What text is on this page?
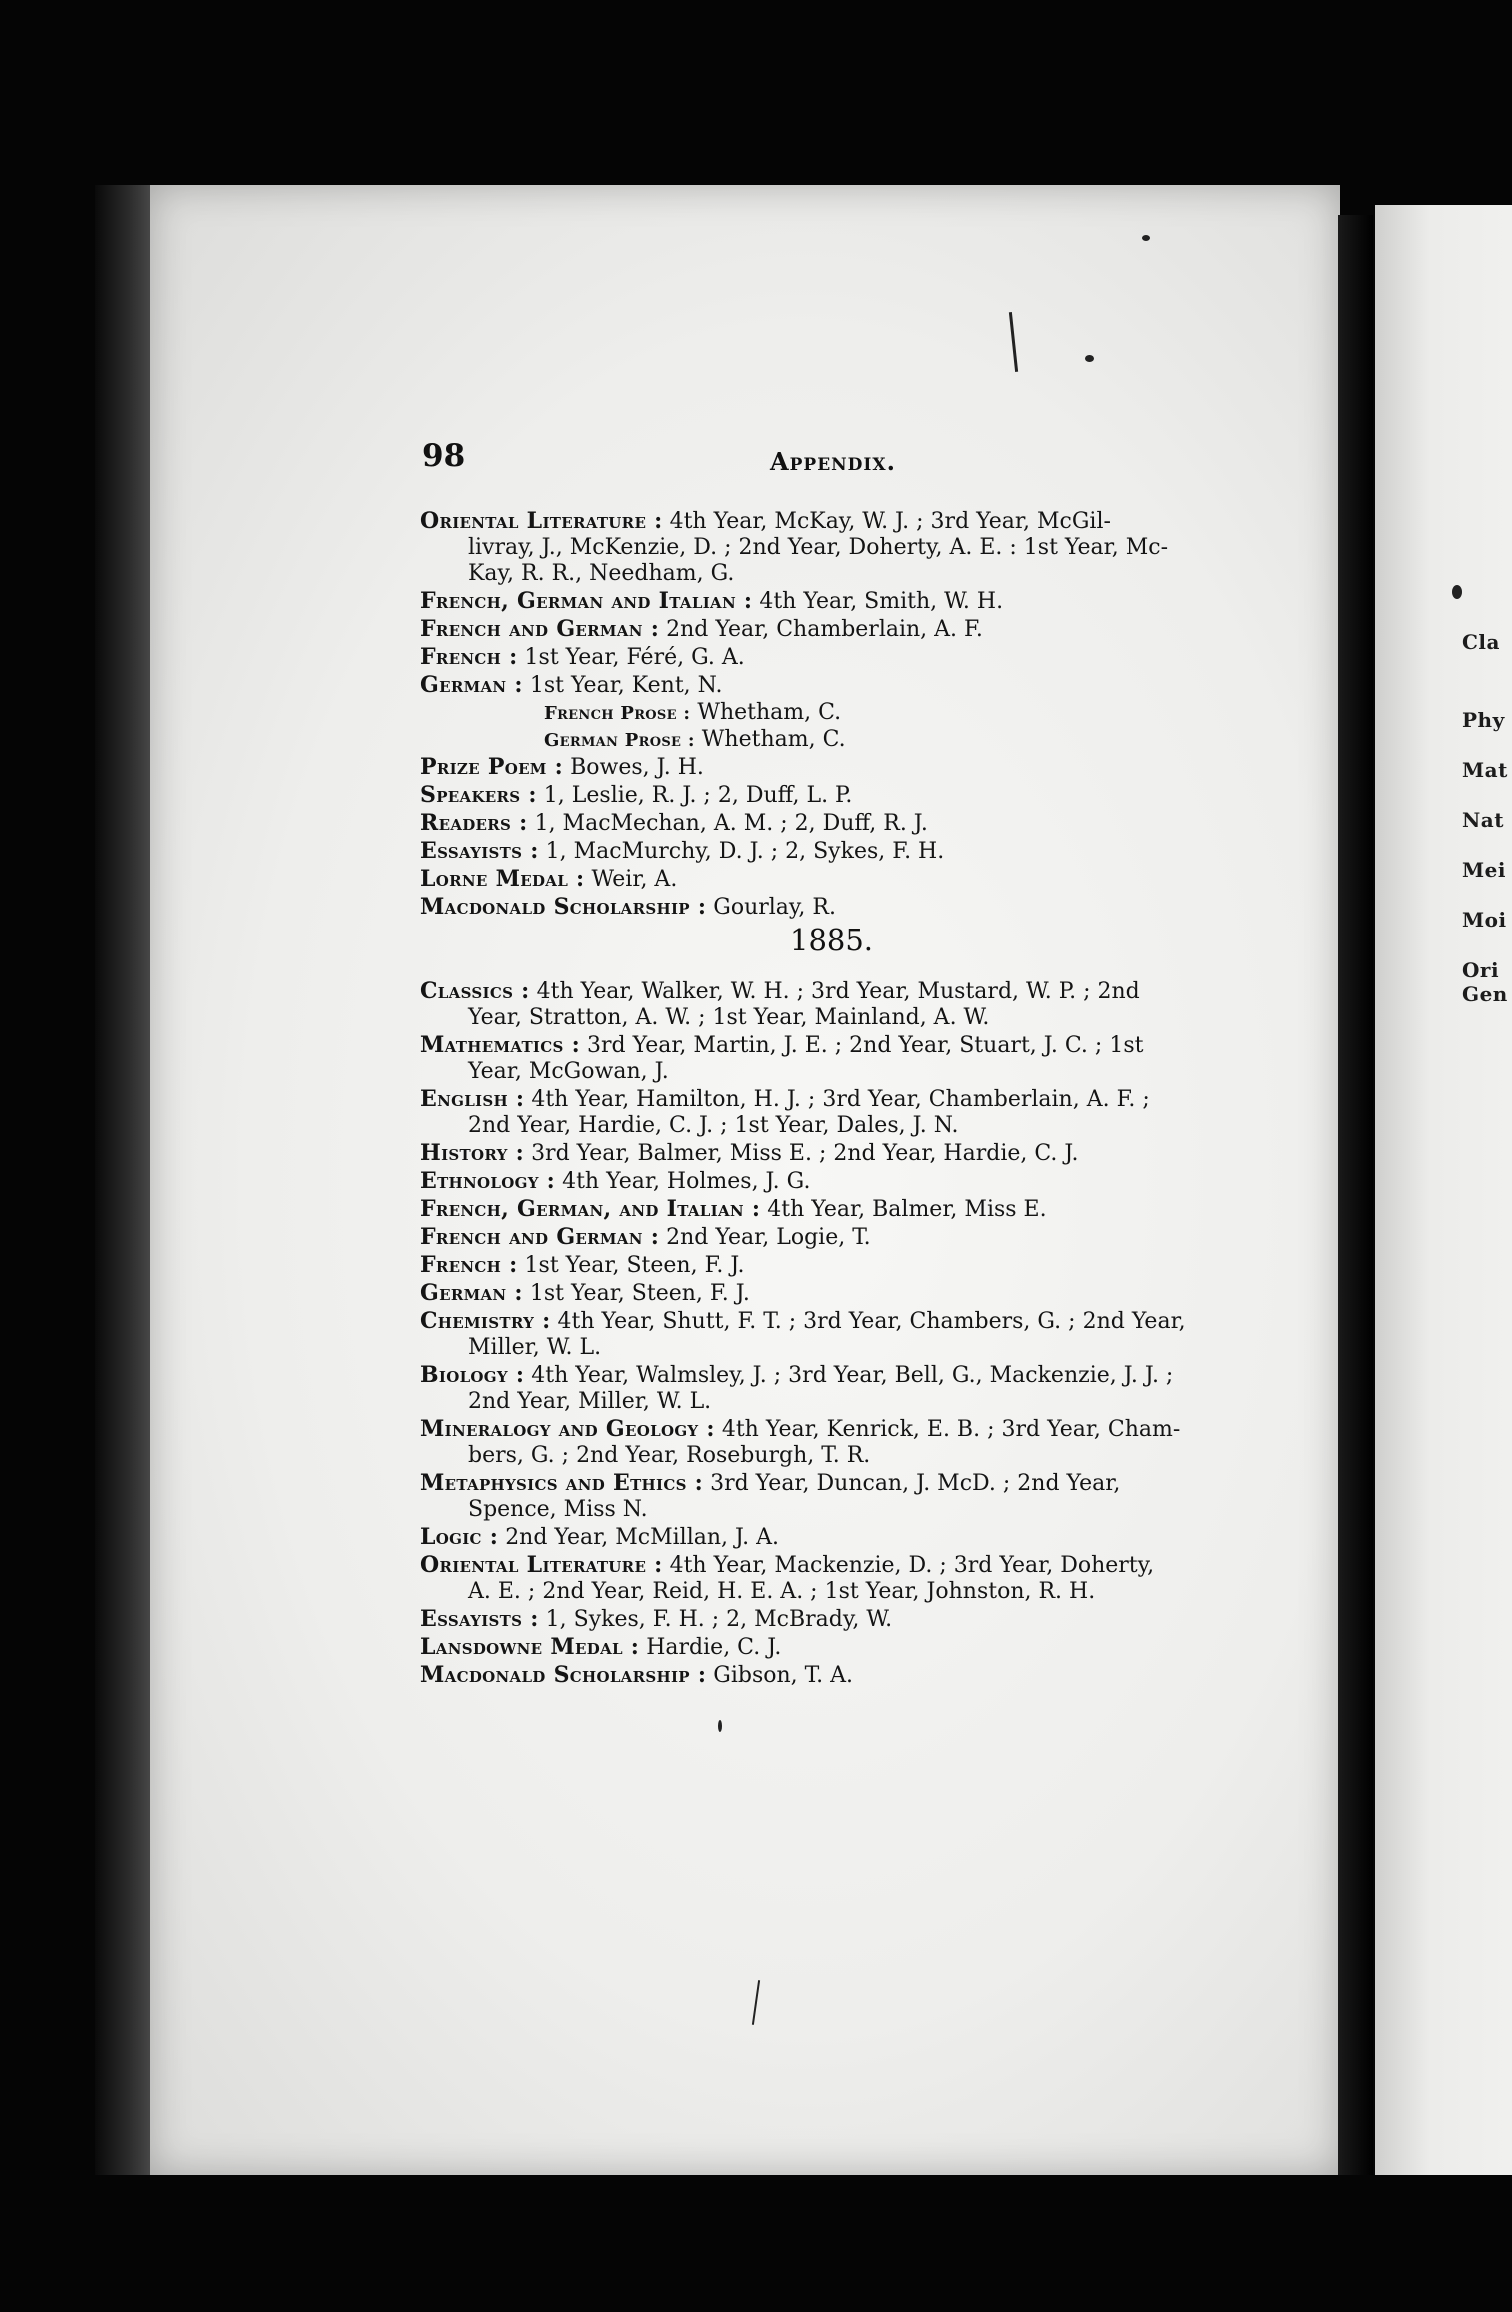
Cla
Phy
Mat
Nat
Mei
Moi
Ori
Gen
98	Appendix.
Oriental Literature : 4th Year, McKay, W. J. ; 3rd Year, McGil-
livray, J., McKenzie, D. ; 2nd Year, Doherty, A. E. : 1st Year, Mc-
Kay, R. R., Needham, G.
French, German and Italian : 4th Year, Smith, W. H.
French and German : 2nd Year, Chamberlain, A. F.
French : 1st Year, Féré, G. A.
German : 1st Year, Kent, N.
French Prose : Whetham, C.
German Prose : Whetham, C.
Prize Poem : Bowes, J. H.
Speakers : 1, Leslie, R. J. ; 2, Duff, L. P.
Readers : 1, MacMechan, A. M. ; 2, Duff, R. J.
Essayists : 1, MacMurchy, D. J. ; 2, Sykes, F. H.
Lorne Medal : Weir, A.
Macdonald Scholarship : Gourlay, R.
1885.
Classics : 4th Year, Walker, W. H. ; 3rd Year, Mustard, W. P. ; 2nd
Year, Stratton, A. W. ; 1st Year, Mainland, A. W.
Mathematics : 3rd Year, Martin, J. E. ; 2nd Year, Stuart, J. C. ; 1st
Year, McGowan, J.
English : 4th Year, Hamilton, H. J. ; 3rd Year, Chamberlain, A. F. ;
2nd Year, Hardie, C. J. ; 1st Year, Dales, J. N.
History : 3rd Year, Balmer, Miss E. ; 2nd Year, Hardie, C. J.
Ethnology : 4th Year, Holmes, J. G.
French, German, and Italian : 4th Year, Balmer, Miss E.
French and German : 2nd Year, Logie, T.
French : 1st Year, Steen, F. J.
German : 1st Year, Steen, F. J.
Chemistry : 4th Year, Shutt, F. T. ; 3rd Year, Chambers, G. ; 2nd Year,
Miller, W. L.
Biology : 4th Year, Walmsley, J. ; 3rd Year, Bell, G., Mackenzie, J. J. ;
2nd Year, Miller, W. L.
Mineralogy and Geology : 4th Year, Kenrick, E. B. ; 3rd Year, Cham-
bers, G. ; 2nd Year, Roseburgh, T. R.
Metaphysics and Ethics : 3rd Year, Duncan, J. McD. ; 2nd Year,
Spence, Miss N.
Logic : 2nd Year, McMillan, J. A.
Oriental Literature : 4th Year, Mackenzie, D. ; 3rd Year, Doherty,
A. E. ; 2nd Year, Reid, H. E. A. ; 1st Year, Johnston, R. H.
Essayists : 1, Sykes, F. H. ; 2, McBrady, W.
Lansdowne Medal : Hardie, C. J.
Macdonald Scholarship : Gibson, T. A.
